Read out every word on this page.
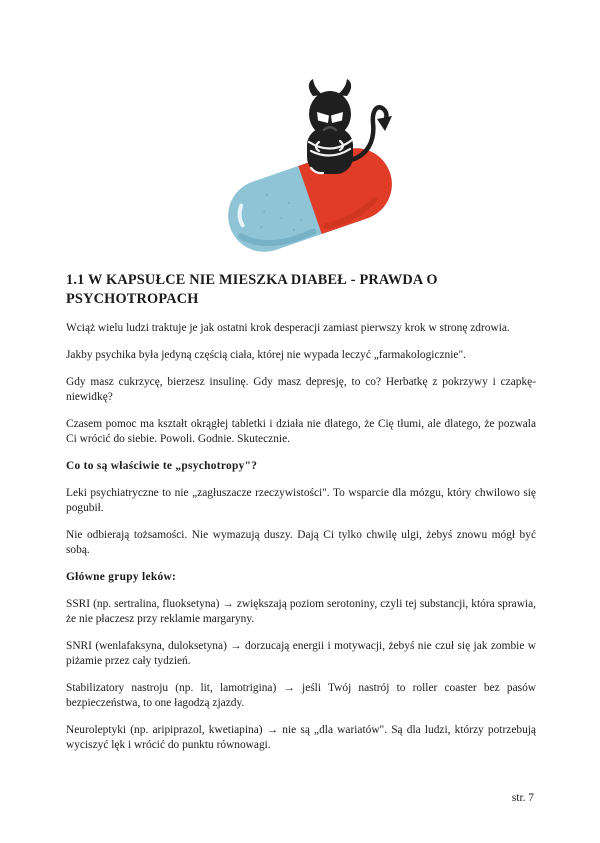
1.1 W KAPSUŁCE NIE MIESZKA DIABEŁ - PRAWDA O PSYCHOTROPACH

Wciąż wielu ludzi traktuje je jak ostatni krok desperacji zamiast pierwszy krok w stronę zdrowia.

Jakby psychika była jedyną częścią ciała, której nie wypada leczyć „farmakologicznie".

Gdy masz cukrzycę, bierzesz insulinę. Gdy masz depresję, to co? Herbatkę z pokrzywy i czapkę-niewidkę?

Czasem pomoc ma kształt okrągłej tabletki i działa nie dlatego, że Cię tłumi, ale dlatego, że pozwala Ci wrócić do siebie. Powoli. Godnie. Skutecznie.

Co to są właściwie te „psychotropy"?

Leki psychiatryczne to nie „zagłuszacze rzeczywistości". To wsparcie dla mózgu, który chwilowo się pogubił.

Nie odbierają tożsamości. Nie wymazują duszy. Dają Ci tylko chwilę ulgi, żebyś znowu mógł być sobą.

Główne grupy leków:

SSRI (np. sertralina, fluoksetyna) → zwiększają poziom serotoniny, czyli tej substancji, która sprawia, że nie płaczesz przy reklamie margaryny.

SNRI (wenlafaksyna, duloksetyna) → dorzucają energii i motywacji, żebyś nie czuł się jak zombie w piżamie przez cały tydzień.

Stabilizatory nastroju (np. lit, lamotrigina) → jeśli Twój nastrój to roller coaster bez pasów bezpieczeństwa, to one łagodzą zjazdy.

Neuroleptyki (np. aripiprazol, kwetiapina) → nie są „dla wariatów". Są dla ludzi, którzy potrzebują wyciszyć lęk i wrócić do punktu równowagi.

str. 7
